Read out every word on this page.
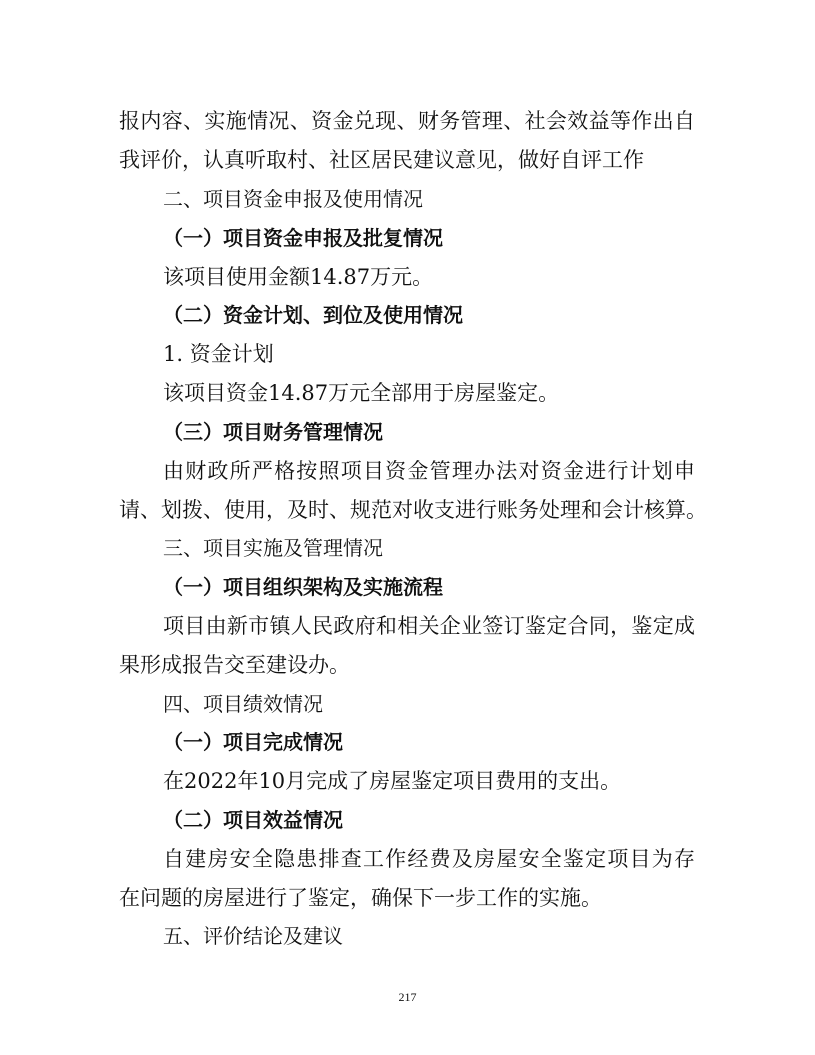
报内容、实施情况、资金兑现、财务管理、社会效益等作出自
我评价，认真听取村、社区居民建议意见，做好自评工作
二、项目资金申报及使用情况
（一）项目资金申报及批复情况
该项目使用金额14.87万元。
（二）资金计划、到位及使用情况
1. 资金计划
该项目资金14.87万元全部用于房屋鉴定。
（三）项目财务管理情况
由财政所严格按照项目资金管理办法对资金进行计划申
请、划拨、使用，及时、规范对收支进行账务处理和会计核算。
三、项目实施及管理情况
（一）项目组织架构及实施流程
项目由新市镇人民政府和相关企业签订鉴定合同，鉴定成
果形成报告交至建设办。
四、项目绩效情况
（一）项目完成情况
在2022年10月完成了房屋鉴定项目费用的支出。
（二）项目效益情况
自建房安全隐患排查工作经费及房屋安全鉴定项目为存
在问题的房屋进行了鉴定，确保下一步工作的实施。
五、评价结论及建议
217
